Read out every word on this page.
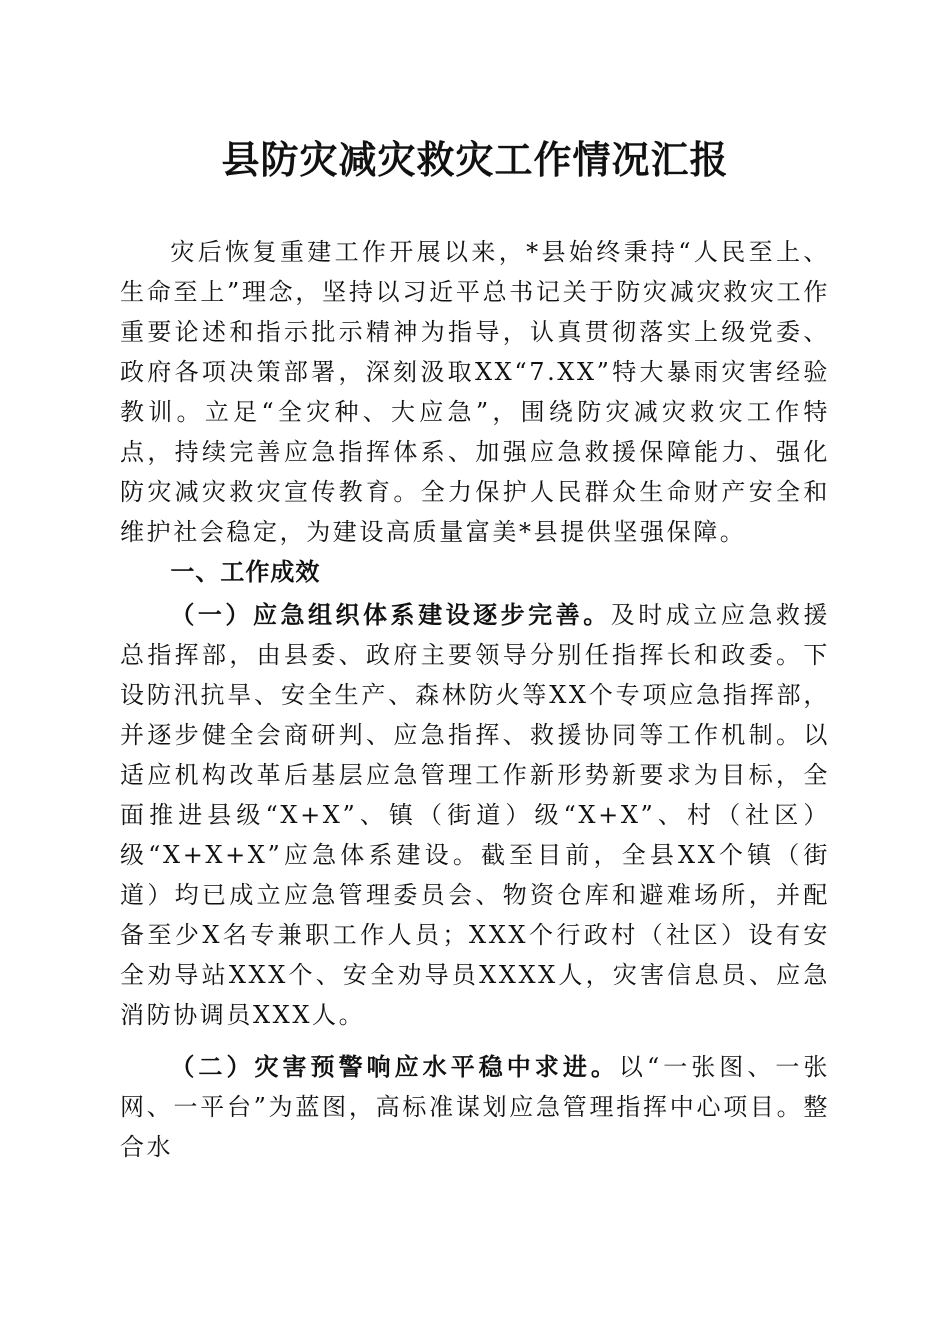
县防灾减灾救灾工作情况汇报

灾后恢复重建工作开展以来，*县始终秉持“人民至上、生命至上”理念，坚持以习近平总书记关于防灾减灾救灾工作重要论述和指示批示精神为指导，认真贯彻落实上级党委、政府各项决策部署，深刻汲取XX“7.XX”特大暴雨灾害经验教训。立足“全灾种、大应急”，围绕防灾减灾救灾工作特点，持续完善应急指挥体系、加强应急救援保障能力、强化防灾减灾救灾宣传教育。全力保护人民群众生命财产安全和维护社会稳定，为建设高质量富美*县提供坚强保障。

一、工作成效

（一）应急组织体系建设逐步完善。及时成立应急救援总指挥部，由县委、政府主要领导分别任指挥长和政委。下设防汛抗旱、安全生产、森林防火等XX个专项应急指挥部，并逐步健全会商研判、应急指挥、救援协同等工作机制。以适应机构改革后基层应急管理工作新形势新要求为目标，全面推进县级“X+X”、镇（街道）级“X+X”、村（社区）级“X+X+X”应急体系建设。截至目前，全县XX个镇（街道）均已成立应急管理委员会、物资仓库和避难场所，并配备至少X名专兼职工作人员；XXX个行政村（社区）设有安全劝导站XXX个、安全劝导员XXXX人，灾害信息员、应急消防协调员XXX人。

（二）灾害预警响应水平稳中求进。以“一张图、一张网、一平台”为蓝图，高标准谋划应急管理指挥中心项目。整合水
